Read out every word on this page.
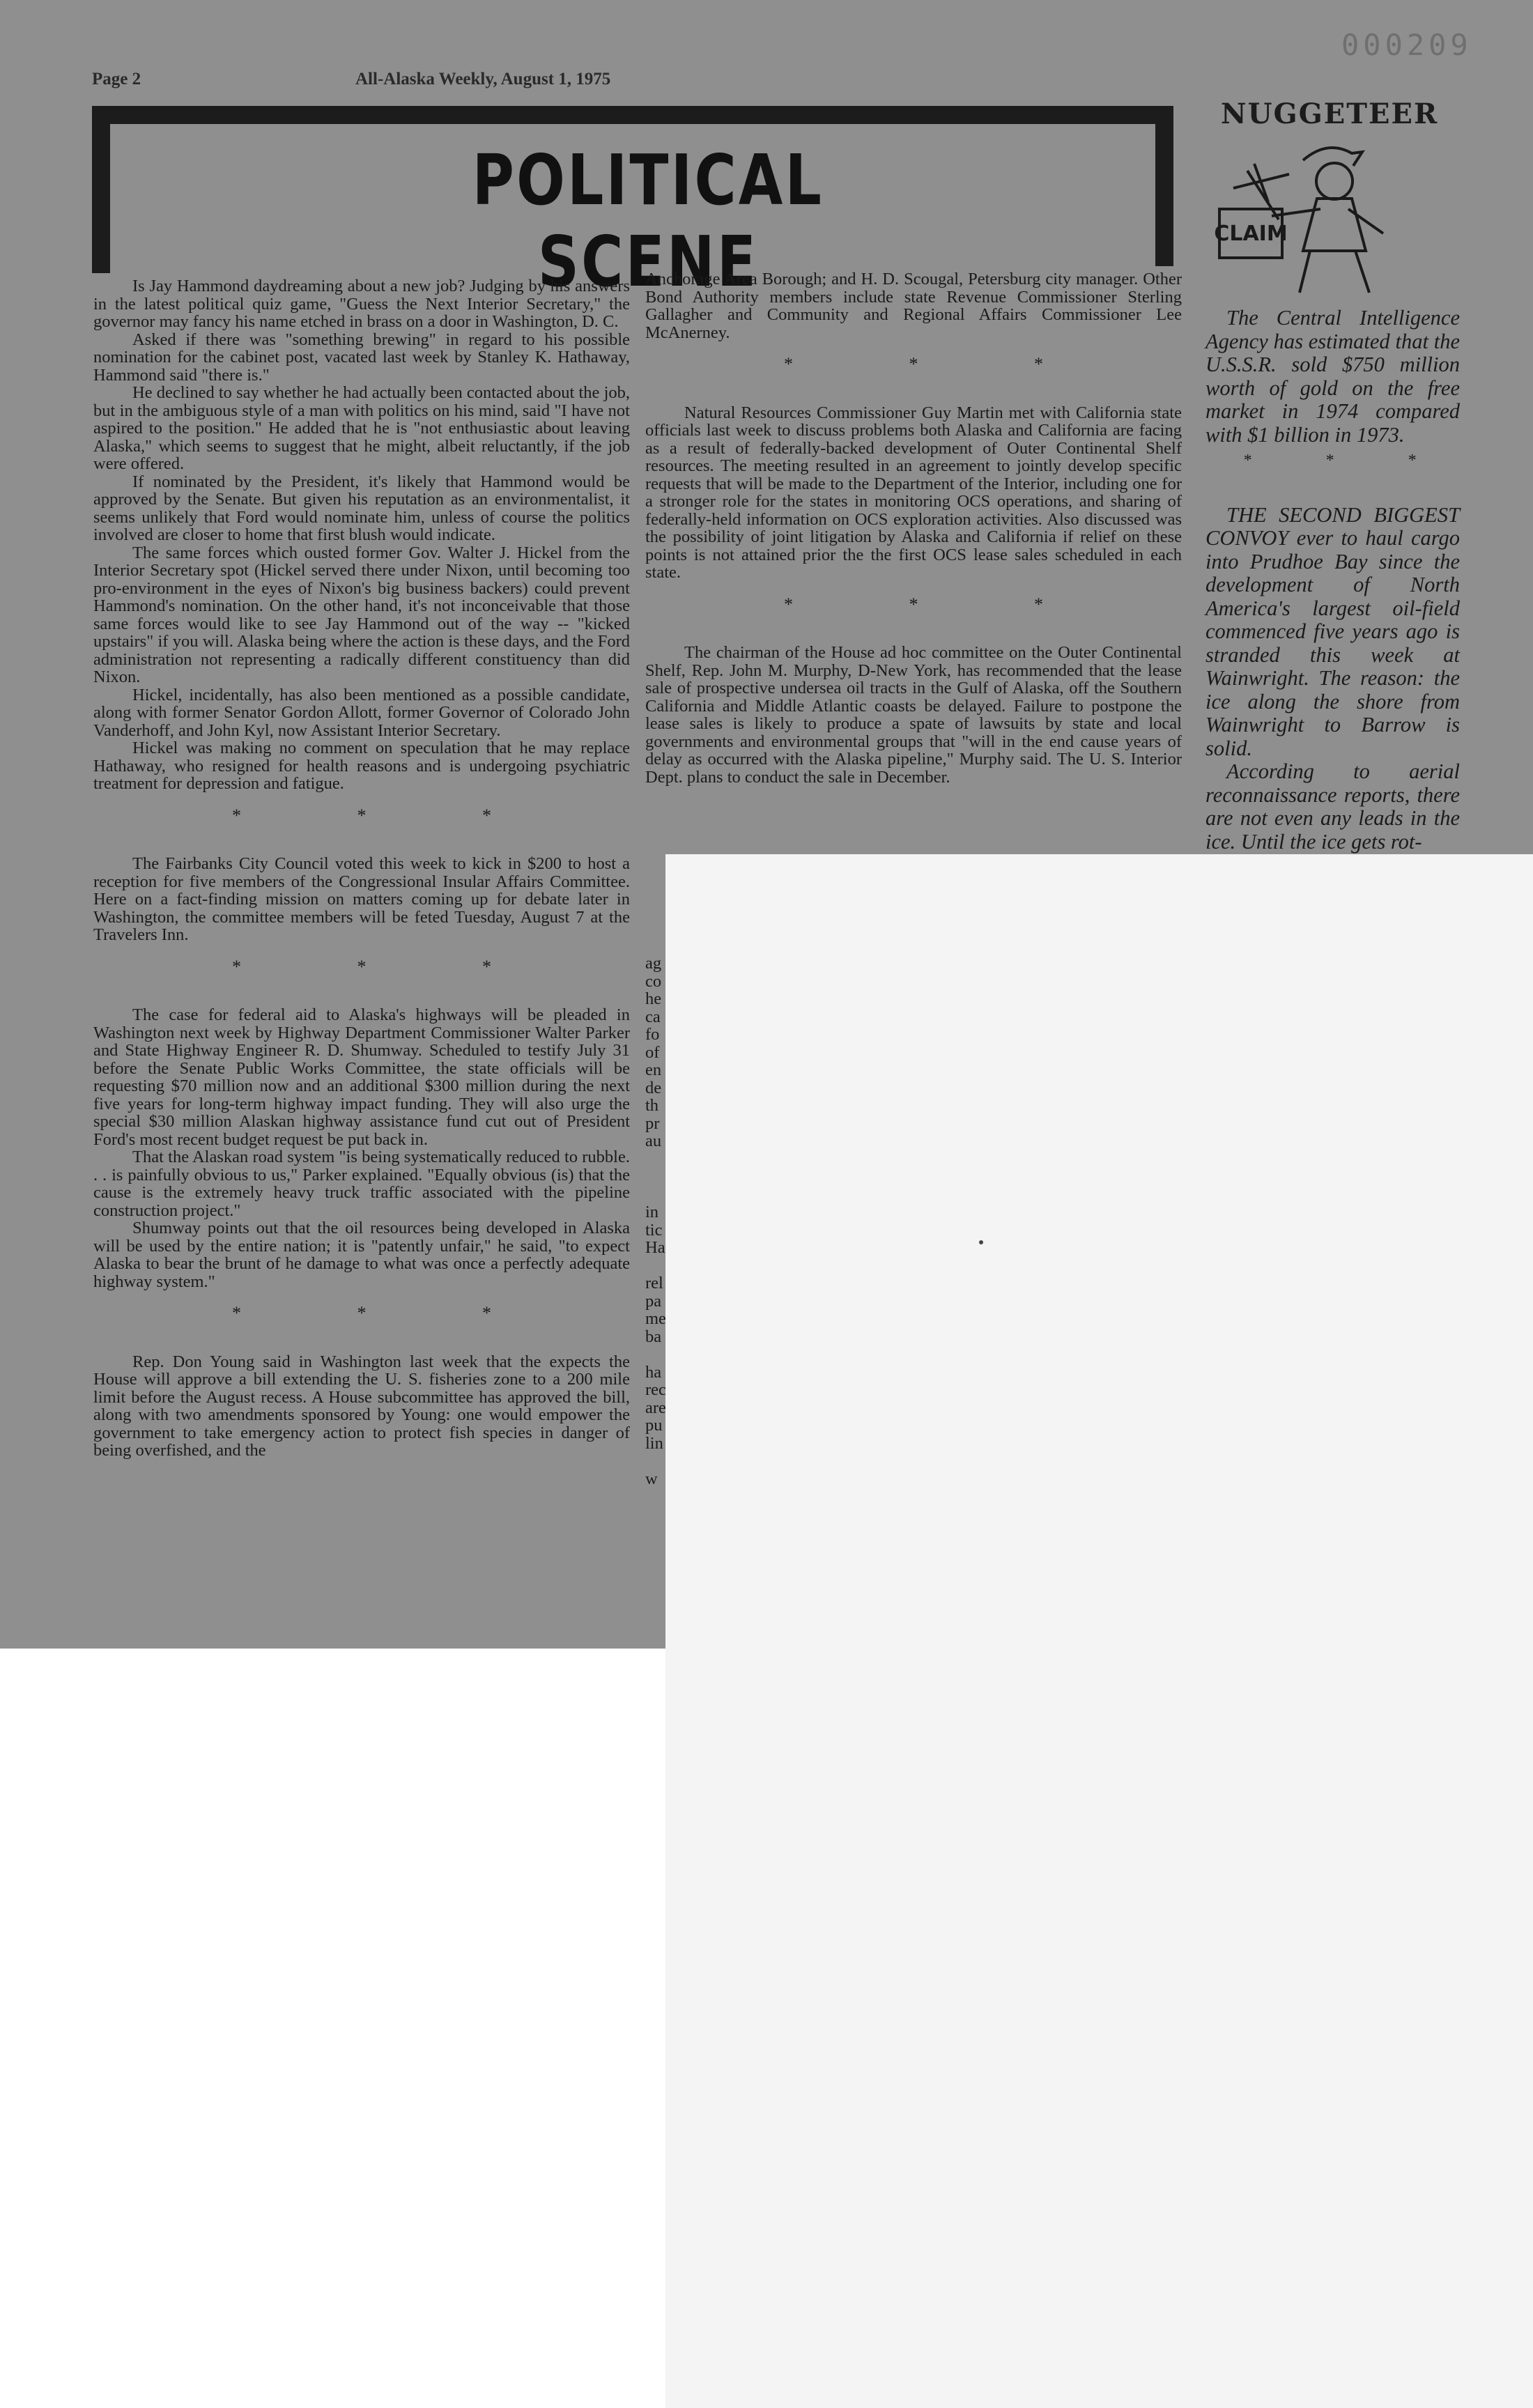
000209
Page 2	All-Alaska Weekly, August 1, 1975
POLITICAL SCENE
NUGGETEER
CLAIM

The Central Intelligence Agency has estimated that the U.S.S.R. sold $750 million worth of gold on the free market in 1974 compared with $1 billion in 1973.

* * *

THE SECOND BIGGEST CONVOY ever to haul cargo into Prudhoe Bay since the development of North America's largest oil-field commenced five years ago is stranded this week at Wainwright. The reason: the ice along the shore from Wainwright to Barrow is solid.

According to aerial reconnaissance reports, there are not even any leads in the ice. Until the ice gets rot-

Is Jay Hammond daydreaming about a new job? Judging by his answers in the latest political quiz game, "Guess the Next Interior Secretary," the governor may fancy his name etched in brass on a door in Washington, D. C.

Asked if there was "something brewing" in regard to his possible nomination for the cabinet post, vacated last week by Stanley K. Hathaway, Hammond said "there is."

He declined to say whether he had actually been contacted about the job, but in the ambiguous style of a man with politics on his mind, said "I have not aspired to the position." He added that he is "not enthusiastic about leaving Alaska," which seems to suggest that he might, albeit reluctantly, if the job were offered.

If nominated by the President, it's likely that Hammond would be approved by the Senate. But given his reputation as an environmentalist, it seems unlikely that Ford would nominate him, unless of course the politics involved are closer to home that first blush would indicate.

The same forces which ousted former Gov. Walter J. Hickel from the Interior Secretary spot (Hickel served there under Nixon, until becoming too pro-environment in the eyes of Nixon's big business backers) could prevent Hammond's nomination. On the other hand, it's not inconceivable that those same forces would like to see Jay Hammond out of the way -- "kicked upstairs" if you will. Alaska being where the action is these days, and the Ford administration not representing a radically different constituency than did Nixon.

Hickel, incidentally, has also been mentioned as a possible candidate, along with former Senator Gordon Allott, former Governor of Colorado John Vanderhoff, and John Kyl, now Assistant Interior Secretary.

Hickel was making no comment on speculation that he may replace Hathaway, who resigned for health reasons and is undergoing psychiatric treatment for depression and fatigue.

* * *

The Fairbanks City Council voted this week to kick in $200 to host a reception for five members of the Congressional Insular Affairs Committee. Here on a fact-finding mission on matters coming up for debate later in Washington, the committee members will be feted Tuesday, August 7 at the Travelers Inn.

* * *

The case for federal aid to Alaska's highways will be pleaded in Washington next week by Highway Department Commissioner Walter Parker and State Highway Engineer R. D. Shumway. Scheduled to testify July 31 before the Senate Public Works Committee, the state officials will be requesting $70 million now and an additional $300 million during the next five years for long-term highway impact funding. They will also urge the special $30 million Alaskan highway assistance fund cut out of President Ford's most recent budget request be put back in.

That the Alaskan road system "is being systematically reduced to rubble. . . is painfully obvious to us," Parker explained. "Equally obvious (is) that the cause is the extremely heavy truck traffic associated with the pipeline construction project."

Shumway points out that the oil resources being developed in Alaska will be used by the entire nation; it is "patently unfair," he said, "to expect Alaska to bear the brunt of he damage to what was once a perfectly adequate highway system."

* * *

Rep. Don Young said in Washington last week that the expects the House will approve a bill extending the U. S. fisheries zone to a 200 mile limit before the August recess. A House subcommittee has approved the bill, along with two amendments sponsored by Young: one would empower the government to take emergency action to protect fish species in danger of being overfished, and the

Anchorage Area Borough; and H. D. Scougal, Petersburg city manager. Other Bond Authority members include state Revenue Commissioner Sterling Gallagher and Community and Regional Affairs Commissioner Lee McAnerney.

* * *

Natural Resources Commissioner Guy Martin met with California state officials last week to discuss problems both Alaska and California are facing as a result of federally-backed development of Outer Continental Shelf resources. The meeting resulted in an agreement to jointly develop specific requests that will be made to the Department of the Interior, including one for a stronger role for the states in monitoring OCS operations, and sharing of federally-held information on OCS exploration activities. Also discussed was the possibility of joint litigation by Alaska and California if relief on these points is not attained prior the the first OCS lease sales scheduled in each state.

* * *

The chairman of the House ad hoc committee on the Outer Continental Shelf, Rep. John M. Murphy, D-New York, has recommended that the lease sale of prospective undersea oil tracts in the Gulf of Alaska, off the Southern California and Middle Atlantic coasts be delayed. Failure to postpone the lease sales is likely to produce a spate of lawsuits by state and local governments and environmental groups that "will in the end cause years of delay as occurred with the Alaska pipeline," Murphy said. The U. S. Interior Dept. plans to conduct the sale in December.

ag
co
he
ca
fo
of
en
de
th
pr
au

in
tic
Ha

rel
pa
me
ba

ha
rec
are
pu
lin

w
